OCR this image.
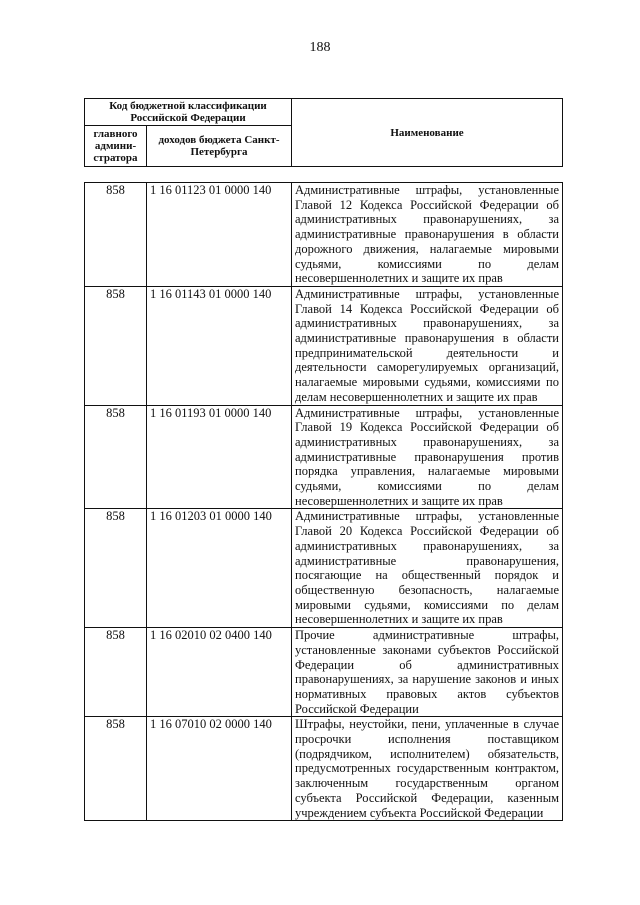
188
Код бюджетной классификации Российской Федерации		Наименование
главного админи-стратора	доходов бюджета Санкт-Петербурга	
858	1 16 01123 01 0000 140	Административные штрафы, установленные Главой 12 Кодекса Российской Федерации об административных правонарушениях, за административные правонарушения в области дорожного движения, налагаемые мировыми судьями, комиссиями по делам несовершеннолетних и защите их прав
858	1 16 01143 01 0000 140	Административные штрафы, установленные Главой 14 Кодекса Российской Федерации об административных правонарушениях, за административные правонарушения в области предпринимательской деятельности и деятельности саморегулируемых организаций, налагаемые мировыми судьями, комиссиями по делам несовершеннолетних и защите их прав
858	1 16 01193 01 0000 140	Административные штрафы, установленные Главой 19 Кодекса Российской Федерации об административных правонарушениях, за административные правонарушения против порядка управления, налагаемые мировыми судьями, комиссиями по делам несовершеннолетних и защите их прав
858	1 16 01203 01 0000 140	Административные штрафы, установленные Главой 20 Кодекса Российской Федерации об административных правонарушениях, за административные правонарушения, посягающие на общественный порядок и общественную безопасность, налагаемые мировыми судьями, комиссиями по делам несовершеннолетних и защите их прав
858	1 16 02010 02 0400 140	Прочие административные штрафы, установленные законами субъектов Российской Федерации об административных правонарушениях, за нарушение законов и иных нормативных правовых актов субъектов Российской Федерации
858	1 16 07010 02 0000 140	Штрафы, неустойки, пени, уплаченные в случае просрочки исполнения поставщиком (подрядчиком, исполнителем) обязательств, предусмотренных государственным контрактом, заключенным государственным органом субъекта Российской Федерации, казенным учреждением субъекта Российской Федерации
